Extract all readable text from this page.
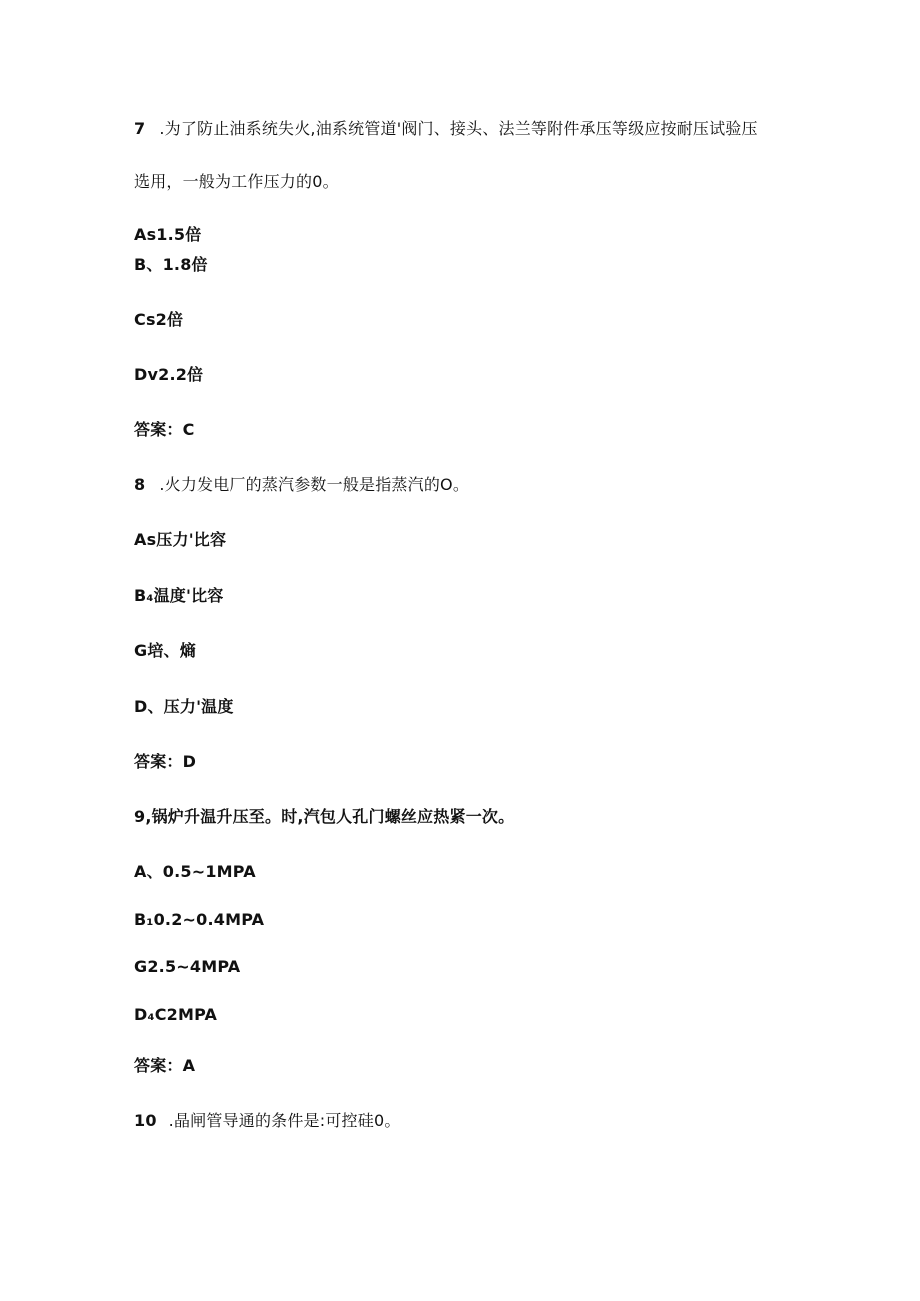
7 .为了防止油系统失火,油系统管道'阀门、接头、法兰等附件承压等级应按耐压试验压
选用，一般为工作压力的0。
As1.5倍
B、1.8倍
Cs2倍
Dv2.2倍
答案：C
8 .火力发电厂的蒸汽参数一般是指蒸汽的O。
As压力'比容
B₄温度'比容
G培、熵
D、压力'温度
答案：D
9,锅炉升温升压至。时,汽包人孔门螺丝应热紧一次。
A、0.5~1MPA
B₁0.2~0.4MPA
G2.5~4MPA
D₄C2MPA
答案：A
10 .晶闸管导通的条件是:可控硅0。
